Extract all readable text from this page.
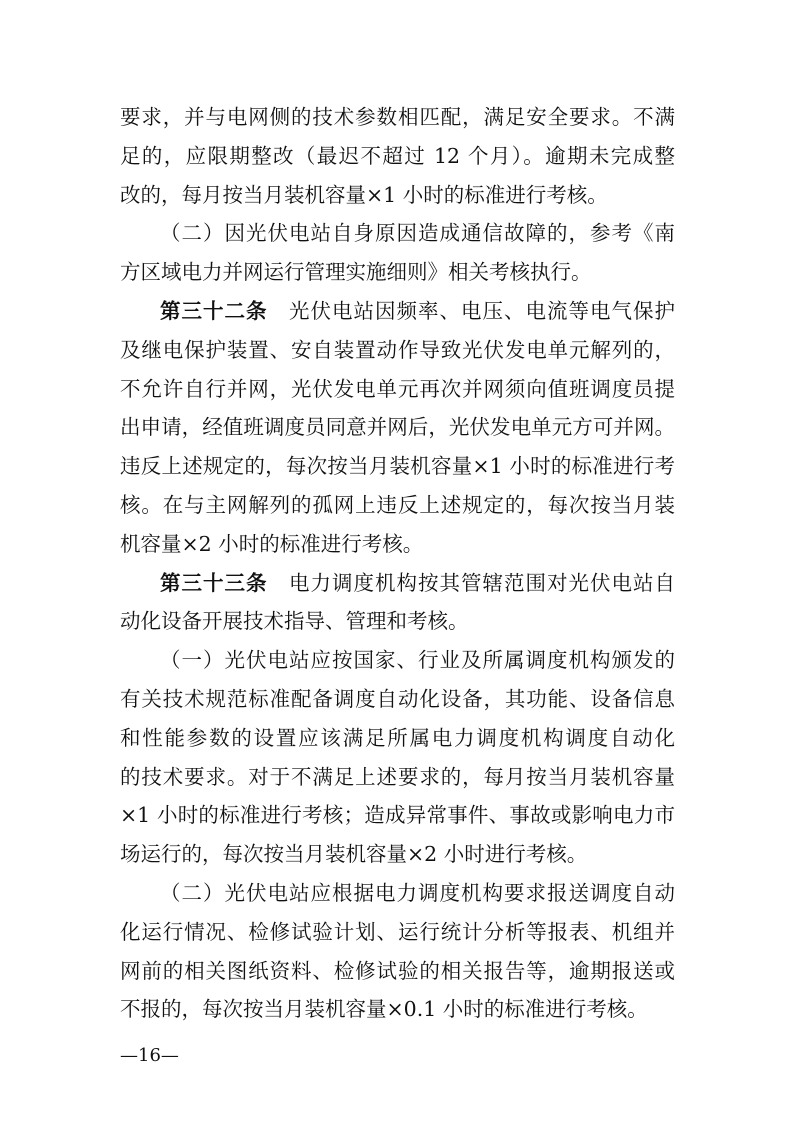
要求，并与电网侧的技术参数相匹配，满足安全要求。不满
足的，应限期整改（最迟不超过 12 个月）。逾期未完成整
改的，每月按当月装机容量×1 小时的标准进行考核。
（二）因光伏电站自身原因造成通信故障的，参考《南
方区域电力并网运行管理实施细则》相关考核执行。
第三十二条  光伏电站因频率、电压、电流等电气保护
及继电保护装置、安自装置动作导致光伏发电单元解列的，
不允许自行并网，光伏发电单元再次并网须向值班调度员提
出申请，经值班调度员同意并网后，光伏发电单元方可并网。
违反上述规定的，每次按当月装机容量×1 小时的标准进行考
核。在与主网解列的孤网上违反上述规定的，每次按当月装
机容量×2 小时的标准进行考核。
第三十三条  电力调度机构按其管辖范围对光伏电站自
动化设备开展技术指导、管理和考核。
（一）光伏电站应按国家、行业及所属调度机构颁发的
有关技术规范标准配备调度自动化设备，其功能、设备信息
和性能参数的设置应该满足所属电力调度机构调度自动化
的技术要求。对于不满足上述要求的，每月按当月装机容量
×1 小时的标准进行考核；造成异常事件、事故或影响电力市
场运行的，每次按当月装机容量×2 小时进行考核。
（二）光伏电站应根据电力调度机构要求报送调度自动
化运行情况、检修试验计划、运行统计分析等报表、机组并
网前的相关图纸资料、检修试验的相关报告等，逾期报送或
不报的，每次按当月装机容量×0.1 小时的标准进行考核。
—16—
